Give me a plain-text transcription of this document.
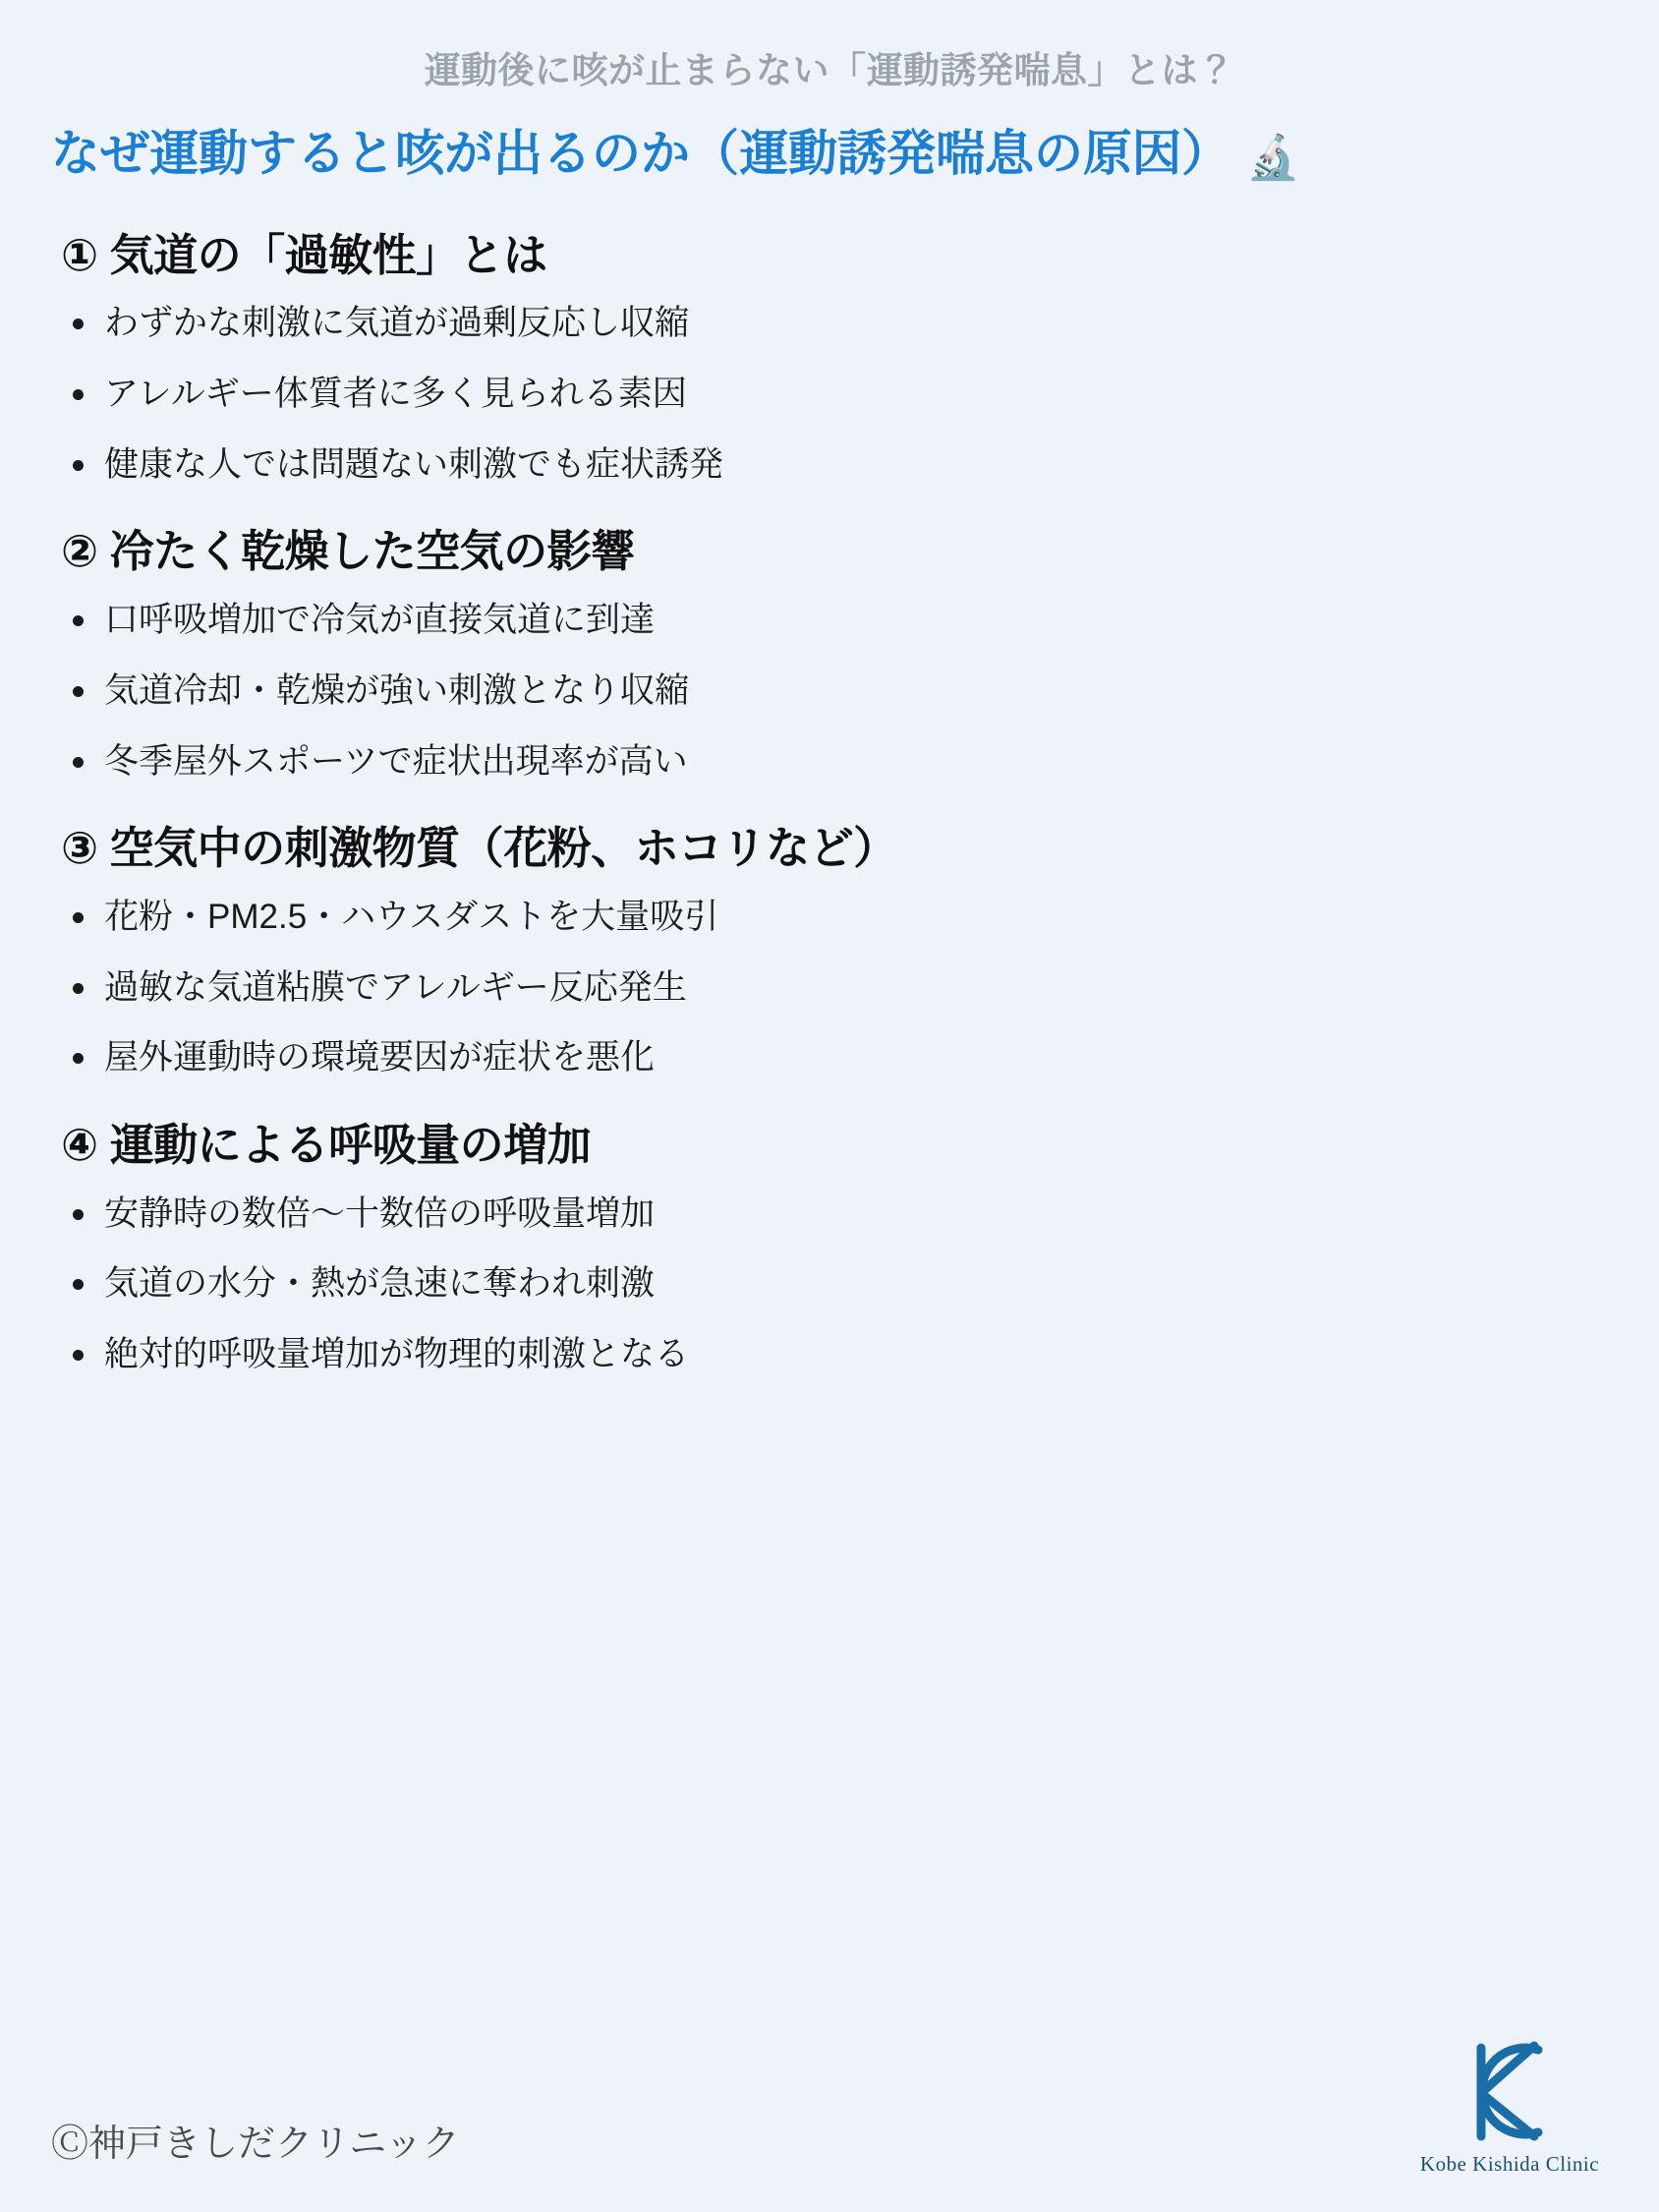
運動後に咳が止まらない「運動誘発喘息」とは？
なぜ運動すると咳が出るのか（運動誘発喘息の原因） 🔬
① 気道の「過敏性」とは
わずかな刺激に気道が過剰反応し収縮
アレルギー体質者に多く見られる素因
健康な人では問題ない刺激でも症状誘発
② 冷たく乾燥した空気の影響
口呼吸増加で冷気が直接気道に到達
気道冷却・乾燥が強い刺激となり収縮
冬季屋外スポーツで症状出現率が高い
③ 空気中の刺激物質（花粉、ホコリなど）
花粉・PM2.5・ハウスダストを大量吸引
過敏な気道粘膜でアレルギー反応発生
屋外運動時の環境要因が症状を悪化
④ 運動による呼吸量の増加
安静時の数倍〜十数倍の呼吸量増加
気道の水分・熱が急速に奪われ刺激
絶対的呼吸量増加が物理的刺激となる
Ⓒ神戸きしだクリニック	Kobe Kishida Clinic
